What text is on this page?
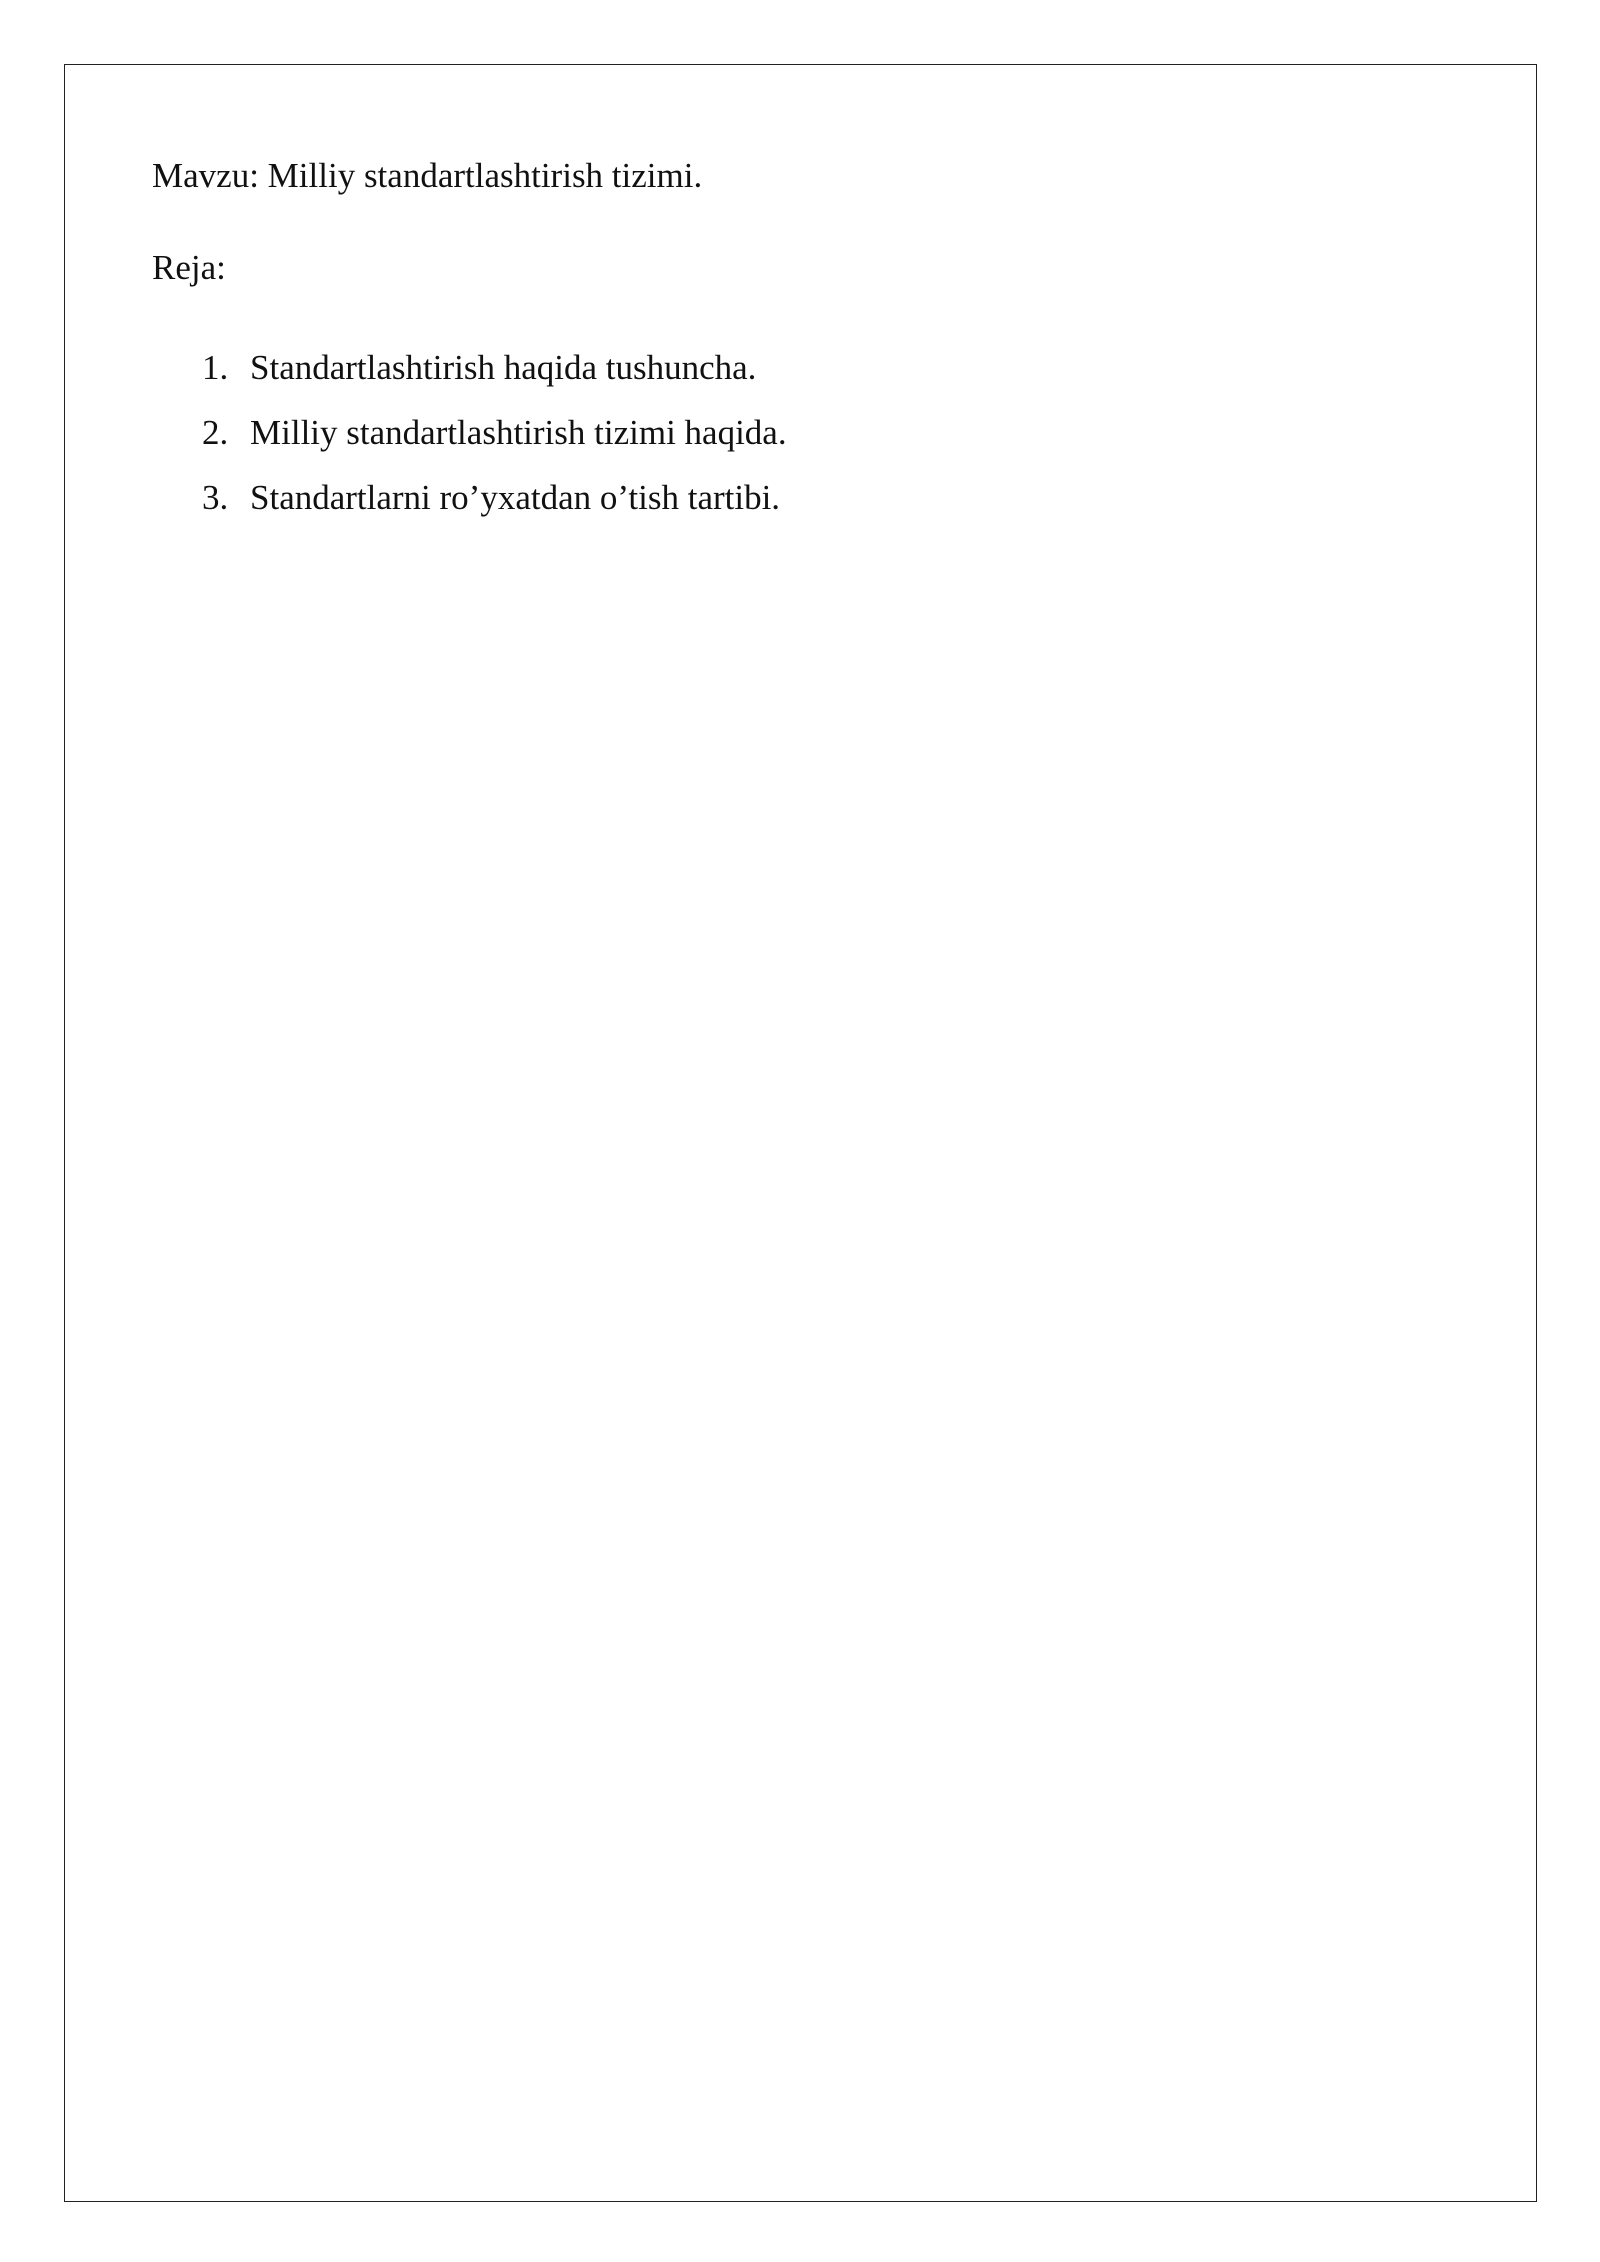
Mavzu: Milliy standartlashtirish tizimi.

Reja:

1. Standartlashtirish haqida tushuncha.
2. Milliy standartlashtirish tizimi haqida.
3. Standartlarni ro’yxatdan o’tish tartibi.
